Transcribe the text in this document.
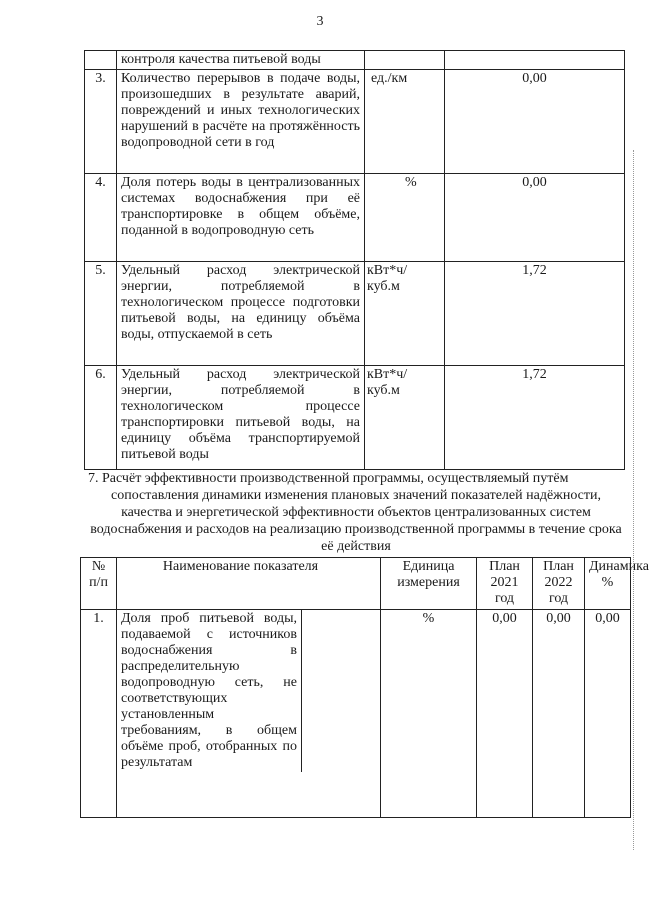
3
	контроля качества питьевой воды		
3.	Количество перерывов в подаче воды, произошедших в результате аварий, повреждений и иных технологических нарушений в расчёте на протяжённость водопроводной сети в год	ед./км	0,00
4.	Доля потерь воды в централизованных системах водоснабжения при её транспортировке в общем объёме, поданной в водопроводную сеть	%	0,00
5.	Удельный расход электрической энергии, потребляемой в технологическом процессе подготовки питьевой воды, на единицу объёма воды, отпускаемой в сеть	кВт*ч/куб.м	1,72
6.	Удельный расход электрической энергии, потребляемой в технологическом процессе транспортировки питьевой воды, на единицу объёма транспортируемой питьевой воды	кВт*ч/куб.м	1,72
7. Расчёт эффективности производственной программы, осуществляемый путём
сопоставления динамики изменения плановых значений показателей надёжности, качества и энергетической эффективности объектов централизованных систем водоснабжения и расходов на реализацию производственной программы в течение срока её действия
№ п/п	Наименование показателя	Единица измерения	План 2021 год	План 2022 год	Динамика %
1.	Доля проб питьевой воды, подаваемой с источников водоснабжения в распределительную водопроводную сеть, не соответствующих установленным требованиям, в общем объёме проб, отобранных по результатам	%	0,00	0,00	0,00
